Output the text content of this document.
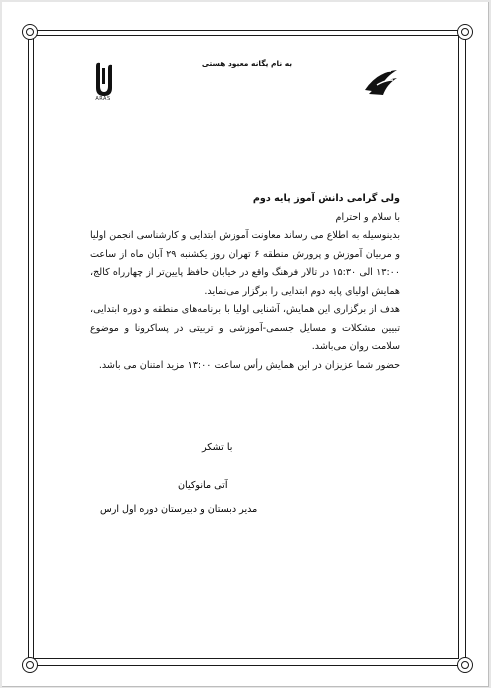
به نام یگانه معبود هستی
ARAS

ولی گرامی دانش آموز پایه دوم

با سلام و احترام

بدینوسیله به اطلاع می رساند معاونت آموزش ابتدایی و کارشناسی انجمن اولیا و مربیان آموزش و پرورش منطقه ۶ تهران روز یکشنبه ۲۹ آبان ماه از ساعت ۱۳:۰۰ الی ۱۵:۳۰ در تالار فرهنگ واقع در خیابان حافظ پایین‌تر از چهارراه کالج، همایش اولیای پایه دوم ابتدایی را برگزار می‌نماید.

هدف از برگزاری این همایش، آشنایی اولیا با برنامه‌های منطقه و دوره ابتدایی، تبیین مشکلات و مسایل جسمی-آموزشی و تربیتی در پساکرونا و موضوع سلامت روان می‌باشد.

حضور شما عزیزان در این همایش رأس ساعت ۱۳:۰۰ مزید امتنان می باشد.

با تشکر
آتی مانوکیان
مدیر دبستان و دبیرستان دوره اول ارس
